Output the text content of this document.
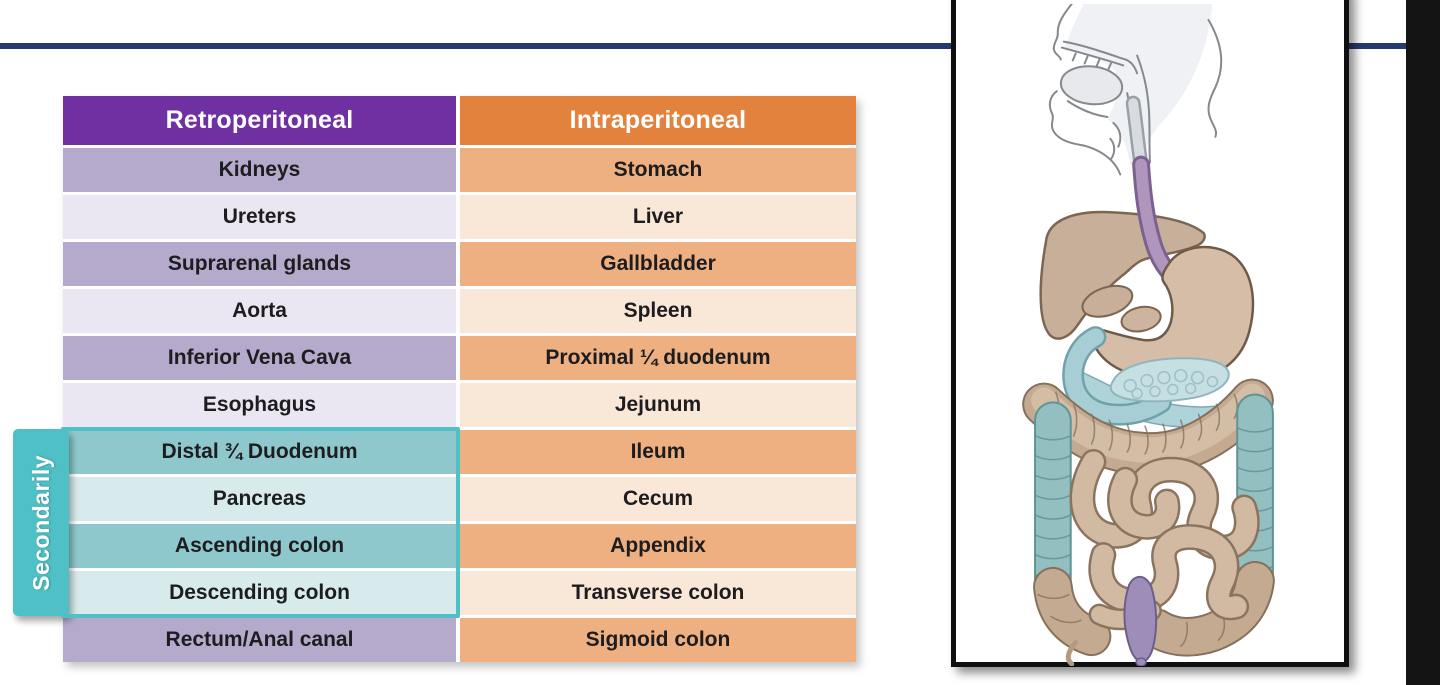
Retroperitoneal	Intraperitoneal
Kidneys	Stomach
Ureters	Liver
Suprarenal glands	Gallbladder
Aorta	Spleen
Inferior Vena Cava	Proximal ¼ duodenum
Esophagus	Jejunum
Distal ¾ Duodenum	Ileum
Pancreas	Cecum
Ascending colon	Appendix
Descending colon	Transverse colon
Rectum/Anal canal	Sigmoid colon
Secondarily
